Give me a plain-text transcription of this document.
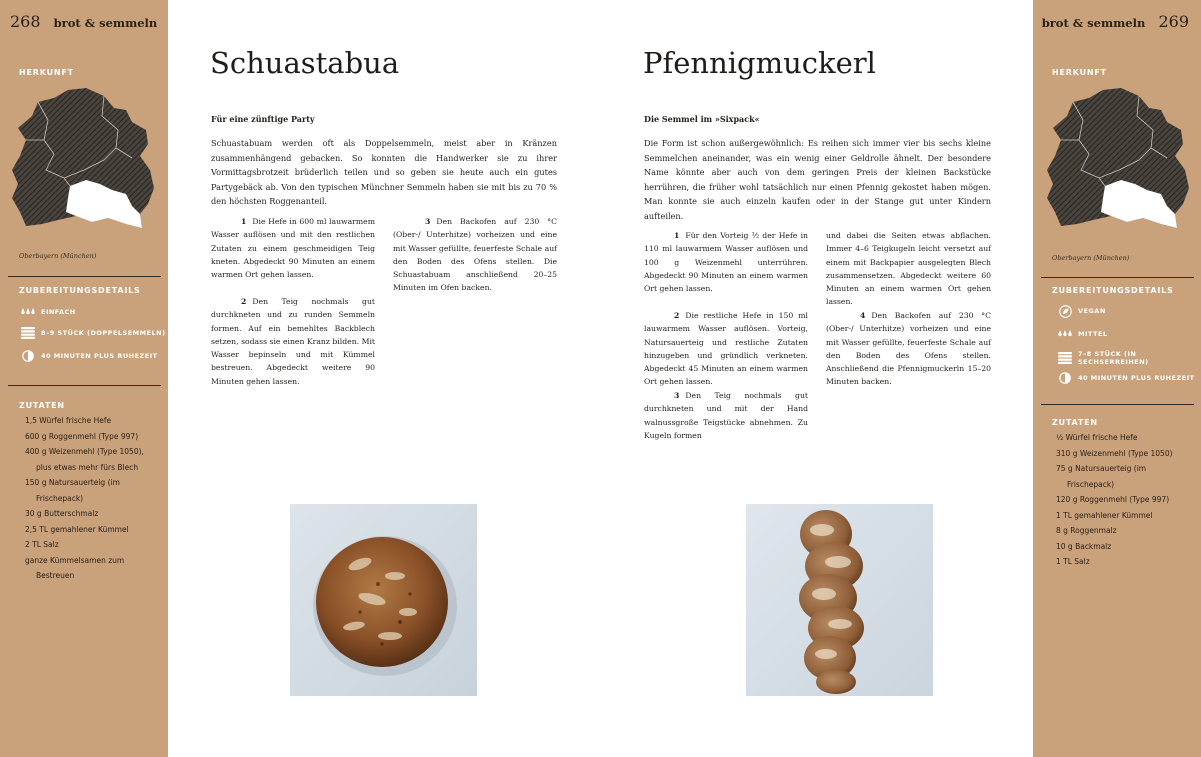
268 brot & semmeln
HERKUNFT
Oberbayern (München)
ZUBEREITUNGSDETAILS
EINFACH
8–9 STÜCK (DOPPELSEMMELN)
40 MINUTEN PLUS RUHEZEIT
ZUTATEN
1,5 Würfel frische Hefe
600 g Roggenmehl (Type 997)
400 g Weizenmehl (Type 1050),
plus etwas mehr fürs Blech
150 g Natursauerteig (im
Frischepack)
30 g Butterschmalz
2,5 TL gemahlener Kümmel
2 TL Salz
ganze Kümmelsamen zum
Bestreuen
brot & semmeln 269
HERKUNFT
Oberbayern (München)
ZUBEREITUNGSDETAILS
VEGAN
MITTEL
7–8 STÜCK (IN SECHSERREIHEN)
40 MINUTEN PLUS RUHEZEIT
ZUTATEN
¹⁄₂ Würfel frische Hefe
310 g Weizenmehl (Type 1050)
75 g Natursauerteig (im
Frischepack)
120 g Roggenmehl (Type 997)
1 TL gemahlener Kümmel
8 g Roggenmalz
10 g Backmalz
1 TL Salz
Schuastabua
Für eine zünftige Party

Schuastabuam werden oft als Doppelsemmeln, meist aber in Kränzen zusammenhängend gebacken. So konnten die Handwerker sie zu ihrer Vormittagsbrotzeit brüderlich teilen und so geben sie heute auch ein gutes Partygebäck ab. Von den typischen Münchner Semmeln haben sie mit bis zu 70 % den höchsten Roggenanteil.

1 Die Hefe in 600 ml lauwarmem Wasser auflösen und mit den restlichen Zutaten zu einem geschmeidigen Teig kneten. Abgedeckt 90 Minuten an einem warmen Ort gehen lassen.

2 Den Teig nochmals gut durchkneten und zu runden Semmeln formen. Auf ein bemehltes Backblech setzen, sodass sie einen Kranz bilden. Mit Wasser bepinseln und mit Kümmel bestreuen. Abgedeckt weitere 90 Minuten gehen lassen.

3 Den Backofen auf 230 °C (Ober-/ Unterhitze) vorheizen und eine mit Wasser gefüllte, feuerfeste Schale auf den Boden des Ofens stellen. Die Schuastabuam anschließend 20–25 Minuten im Ofen backen.

Pfennigmuckerl
Die Semmel im »Sixpack«

Die Form ist schon außergewöhnlich: Es reihen sich immer vier bis sechs kleine Semmelchen aneinander, was ein wenig einer Geldrolle ähnelt. Der besondere Name könnte aber auch von dem geringen Preis der kleinen Backstücke herrühren, die früher wohl tatsächlich nur einen Pfennig gekostet haben mögen. Man konnte sie auch einzeln kaufen oder in der Stange gut unter Kindern aufteilen.

1 Für den Vorteig ¹⁄₂ der Hefe in 110 ml lauwarmem Wasser auflösen und 100 g Weizenmehl unterrühren. Abgedeckt 90 Minuten an einem warmen Ort gehen lassen.

2 Die restliche Hefe in 150 ml lauwarmem Wasser auflösen. Vorteig, Natursauerteig und restliche Zutaten hinzugeben und gründlich verkneten. Abgedeckt 45 Minuten an einem warmen Ort gehen lassen.

3 Den Teig nochmals gut durchkneten und mit der Hand walnussgroße Teigstücke abnehmen. Zu Kugeln formen

und dabei die Seiten etwas abflachen. Immer 4–6 Teigkugeln leicht versetzt auf einem mit Backpapier ausgelegten Blech zusammensetzen. Abgedeckt weitere 60 Minuten an einem warmen Ort gehen lassen.

4 Den Backofen auf 230 °C (Ober-/ Unterhitze) vorheizen und eine mit Wasser gefüllte, feuerfeste Schale auf den Boden des Ofens stellen. Anschließend die Pfennigmuckerln 15–20 Minuten backen.
